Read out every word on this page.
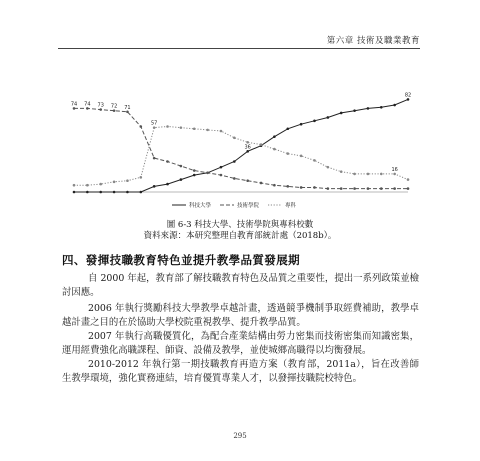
第六章 技術及職業教育
74 74 73 72 71
82
57
36
16
科技大學	技術學院	專科
圖 6-3 科技大學、技術學院與專科校數
資料來源：本研究整理自教育部統計處（2018b）。
四、發揮技職教育特色並提升教學品質發展期

自 2000 年起，教育部了解技職教育特色及品質之重要性，提出一系列政策並檢討因應。

2006 年執行獎勵科技大學教學卓越計畫，透過競爭機制爭取經費補助，教學卓越計畫之目的在於協助大學校院重視教學、提升教學品質。

2007 年執行高職優質化，為配合產業結構由勞力密集而技術密集而知識密集，運用經費強化高職課程、師資、設備及教學，並使城鄉高職得以均衡發展。

2010-2012 年執行第一期技職教育再造方案（教育部，2011a），旨在改善師生教學環境，強化實務連結，培育優質專業人才，以發揮技職院校特色。

295
